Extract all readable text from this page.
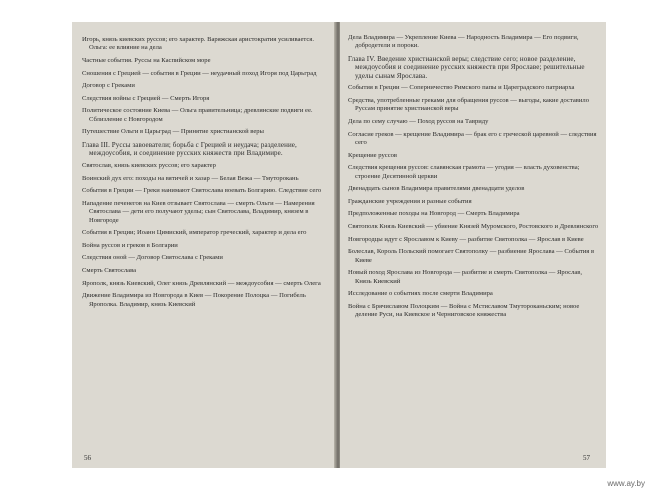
Игорь, князь киевских руссов; его характер. Варяжская аристократия усиливается. Ольга: ее влияние на дела
Частные события. Руссы на Каспийском море
Сношения с Грецией — события в Греции — неудачный поход Игоря под Царьград
Договор с Греками
Следствия войны с Грецией — Смерть Игоря
Политическое состояние Киева — Ольга правительница; древлянские подвиги ее. Сблизление с Новгородом
Путешествие Ольги в Царьград — Принятие христианской веры
Глава III. Руссы завоеватели; борьба с Грецией и неудача; разделение, междоусобия, и соединение русских княжеств при Владимире.
Святослав, князь киевских руссов; его характер
Воинский дух его: походы на вятичей и хазар — Белая Вежа — Тмуторокань
События в Греции — Греки нанимают Святослава воевать Болгарию. Следствие сего
Нападение печенегов на Киев отзывает Святослава — смерть Ольги — Намерения Святослава — дети его получают уделы; сын Святослава, Владимир, князем в Новгороде
События в Греции; Иоанн Цимиский, император греческий, характер и дела его
Война руссов и греков в Болгарии
Следствия оной — Договор Святослава с Греками
Смерть Святослава
Ярополк, князь Киевский, Олег князь Древлянский — междоусобия — смерть Олега
Движение Владимира из Новгорода в Киев — Покорение Полоцка — Погибель Ярополка. Владимир, князь Киевский
56
Дела Владимира — Укрепление Киева — Народность Владимира — Его подвиги, добродетели и пороки.
Глава IV. Введение христианской веры; следствие сего; новое разделение, междоусобия и соединение русских княжеств при Ярославе; решительные уделы сынам Ярослава.
События в Греции — Cоперничество Римского папы и Цареградского патриарха
Средства, употребленные греками для обращения руссов — выгоды, какие доставило Руссам принятие христианской веры
Дела по сему случаю — Поход руссов на Тавриду
Согласие греков — крещение Владимира — брак его с греческой царевной — следствия сего
Крещение руссов
Следствия крещения руссов: славянская грамота — угодия — власть духовенства; строение Десятинной церкви
Двенадцать сынов Владимира правителями двенадцати уделов
Гражданские учреждения и разные события
Предположенные походы на Новгород — Смерть Владимира
Святополк Князь Киевский — убиение Князей Муромского, Ростовского и Древлянского
Новгородцы идут с Ярославом к Киеву — разбитие Святополка — Ярослав в Киеве
Болеслав, Король Польский помогает Святополку — разбиение Ярослава — События в Киеве
Новый поход Ярослава из Новгорода — разбитие и смерть Святополка — Ярослав, Князь Киевский
Исследование о событиях после смерти Владимира
Война с Брячиславом Полоцким — Война с Мстиславом Тмутороканьским; новое деление Руси, на Киевское и Черниговское княжества
57
www.ay.by
